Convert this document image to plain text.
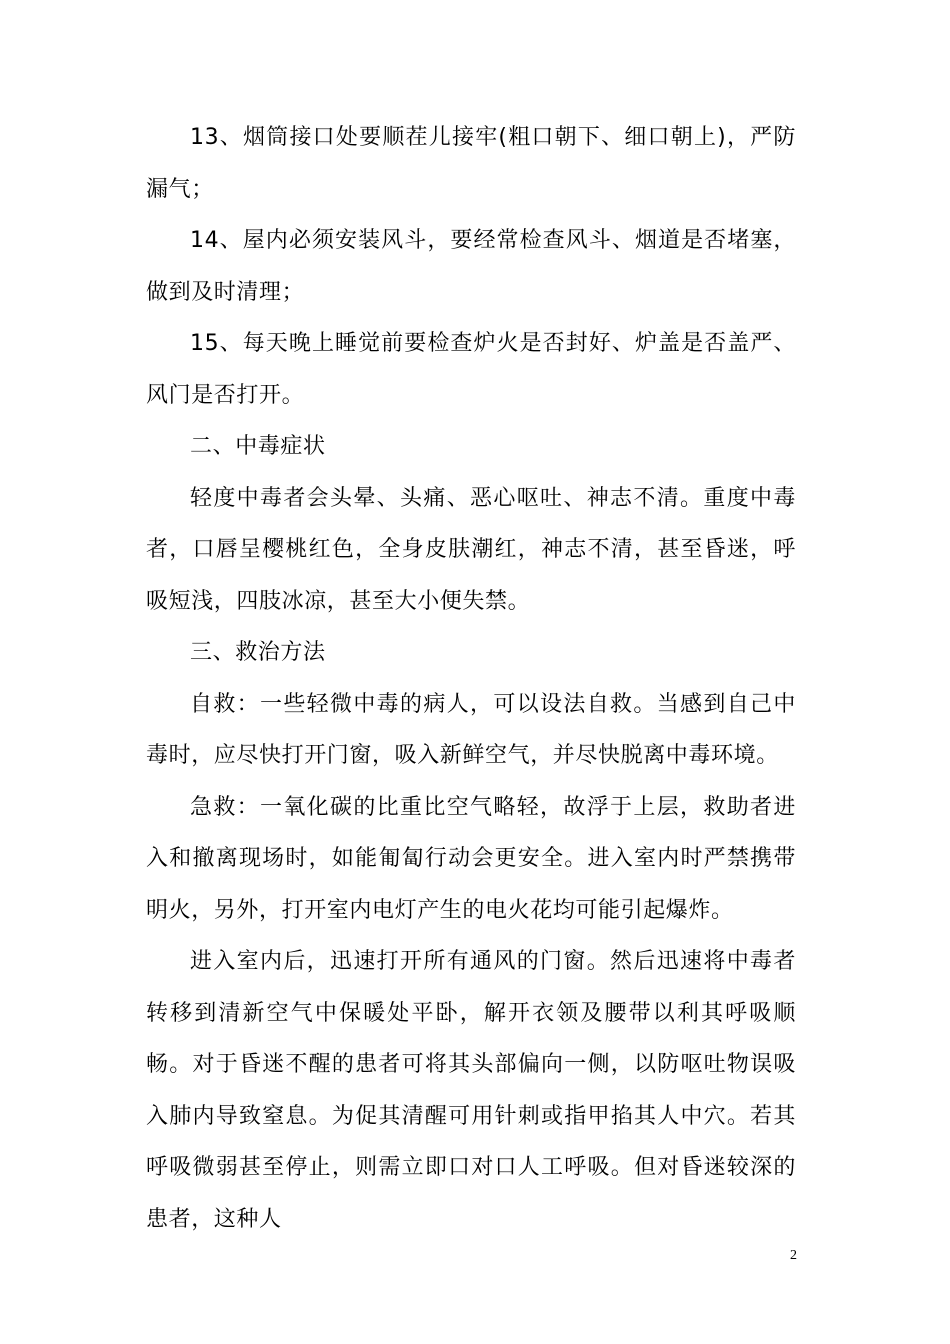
13、烟筒接口处要顺茬儿接牢(粗口朝下、细口朝上)，严防漏气；

14、屋内必须安装风斗，要经常检查风斗、烟道是否堵塞，做到及时清理；

15、每天晚上睡觉前要检查炉火是否封好、炉盖是否盖严、风门是否打开。

二、中毒症状

轻度中毒者会头晕、头痛、恶心呕吐、神志不清。重度中毒者，口唇呈樱桃红色，全身皮肤潮红，神志不清，甚至昏迷，呼吸短浅，四肢冰凉，甚至大小便失禁。

三、救治方法

自救：一些轻微中毒的病人，可以设法自救。当感到自己中毒时，应尽快打开门窗，吸入新鲜空气，并尽快脱离中毒环境。

急救：一氧化碳的比重比空气略轻，故浮于上层，救助者进入和撤离现场时，如能匍匐行动会更安全。进入室内时严禁携带明火，另外，打开室内电灯产生的电火花均可能引起爆炸。

进入室内后，迅速打开所有通风的门窗。然后迅速将中毒者转移到清新空气中保暖处平卧，解开衣领及腰带以利其呼吸顺畅。对于昏迷不醒的患者可将其头部偏向一侧，以防呕吐物误吸入肺内导致窒息。为促其清醒可用针刺或指甲掐其人中穴。若其呼吸微弱甚至停止，则需立即口对口人工呼吸。但对昏迷较深的患者，这种人

2
